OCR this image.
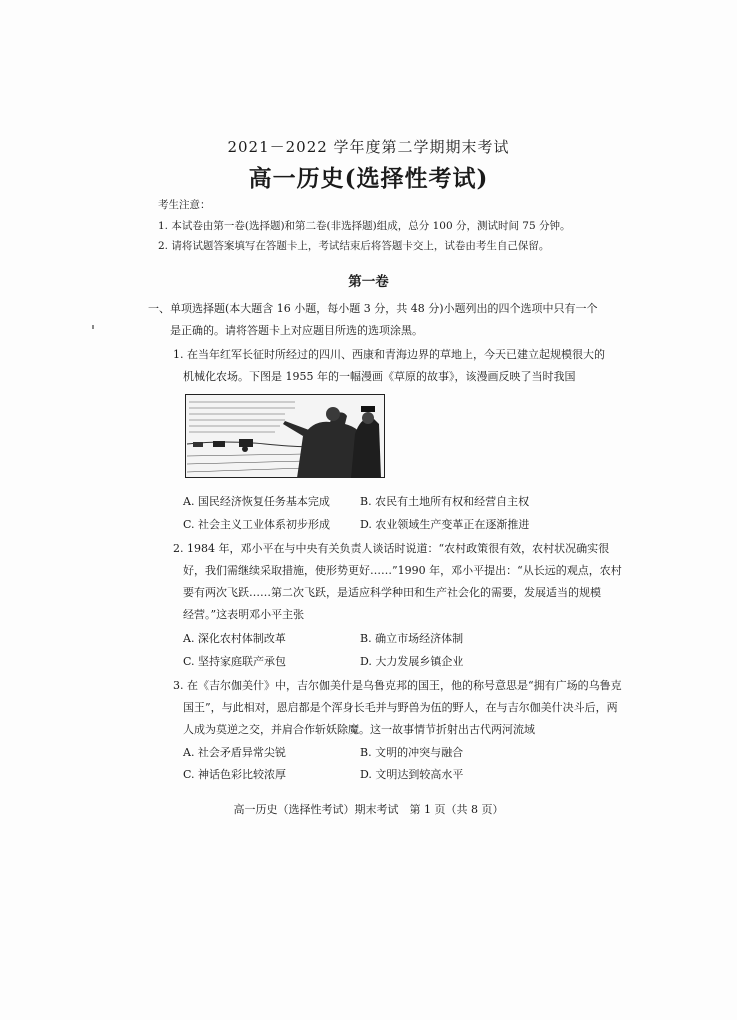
2021－2022 学年度第二学期期末考试
高一历史(选择性考试)
考生注意：
1. 本试卷由第一卷(选择题)和第二卷(非选择题)组成，总分 100 分，测试时间 75 分钟。
2. 请将试题答案填写在答题卡上，考试结束后将答题卡交上，试卷由考生自己保留。
第一卷
一、单项选择题(本大题含 16 小题，每小题 3 分，共 48 分)小题列出的四个选项中只有一个
是正确的。请将答题卡上对应题目所选的选项涂黑。
1. 在当年红军长征时所经过的四川、西康和青海边界的草地上，今天已建立起规模很大的
机械化农场。下图是 1955 年的一幅漫画《草原的故事》，该漫画反映了当时我国
A. 国民经济恢复任务基本完成	B. 农民有土地所有权和经营自主权
C. 社会主义工业体系初步形成	D. 农业领域生产变革正在逐渐推进
2. 1984 年，邓小平在与中央有关负责人谈话时说道：“农村政策很有效，农村状况确实很
好，我们需继续采取措施，使形势更好……”1990 年，邓小平提出：“从长远的观点，农村
要有两次飞跃……第二次飞跃，是适应科学种田和生产社会化的需要，发展适当的规模
经营。”这表明邓小平主张
A. 深化农村体制改革	B. 确立市场经济体制
C. 坚持家庭联产承包	D. 大力发展乡镇企业
3. 在《吉尔伽美什》中，吉尔伽美什是乌鲁克邦的国王，他的称号意思是“拥有广场的乌鲁克
国王”，与此相对，恩启都是个浑身长毛并与野兽为伍的野人，在与吉尔伽美什决斗后，两
人成为莫逆之交，并肩合作斩妖除魔。这一故事情节折射出古代两河流域
A. 社会矛盾异常尖锐	B. 文明的冲突与融合
C. 神话色彩比较浓厚	D. 文明达到较高水平
高一历史（选择性考试）期末考试　第 1 页（共 8 页）
